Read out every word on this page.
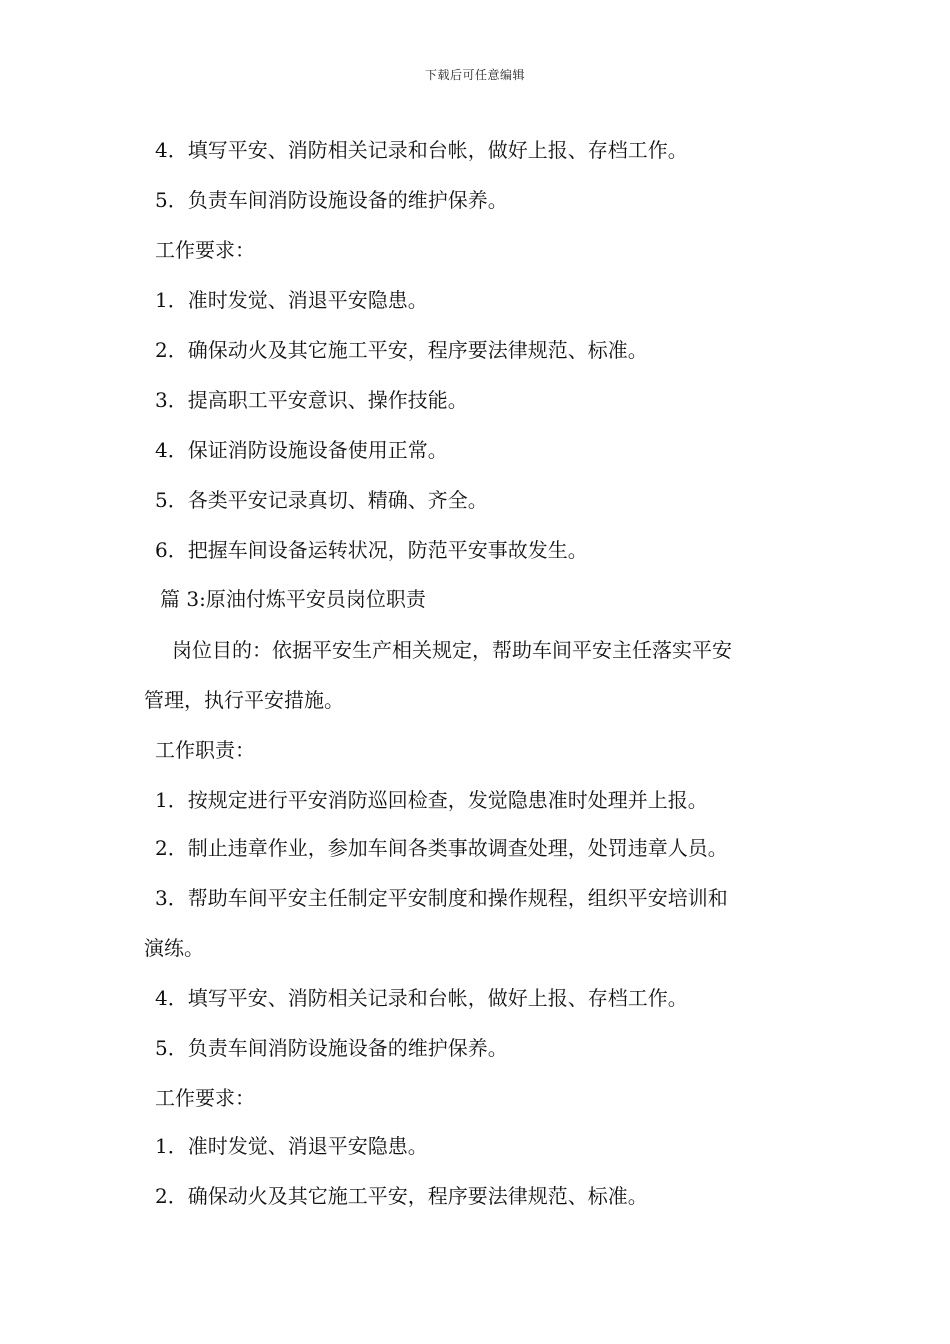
下载后可任意编辑
4．填写平安、消防相关记录和台帐，做好上报、存档工作。
5．负责车间消防设施设备的维护保养。
工作要求：
1．准时发觉、消退平安隐患。
2．确保动火及其它施工平安，程序要法律规范、标准。
3．提高职工平安意识、操作技能。
4．保证消防设施设备使用正常。
5．各类平安记录真切、精确、齐全。
6．把握车间设备运转状况，防范平安事故发生。
篇 3:原油付炼平安员岗位职责
岗位目的：依据平安生产相关规定，帮助车间平安主任落实平安
管理，执行平安措施。
工作职责：
1．按规定进行平安消防巡回检查，发觉隐患准时处理并上报。
2．制止违章作业，参加车间各类事故调查处理，处罚违章人员。
3．帮助车间平安主任制定平安制度和操作规程，组织平安培训和
演练。
4．填写平安、消防相关记录和台帐，做好上报、存档工作。
5．负责车间消防设施设备的维护保养。
工作要求：
1．准时发觉、消退平安隐患。
2．确保动火及其它施工平安，程序要法律规范、标准。
